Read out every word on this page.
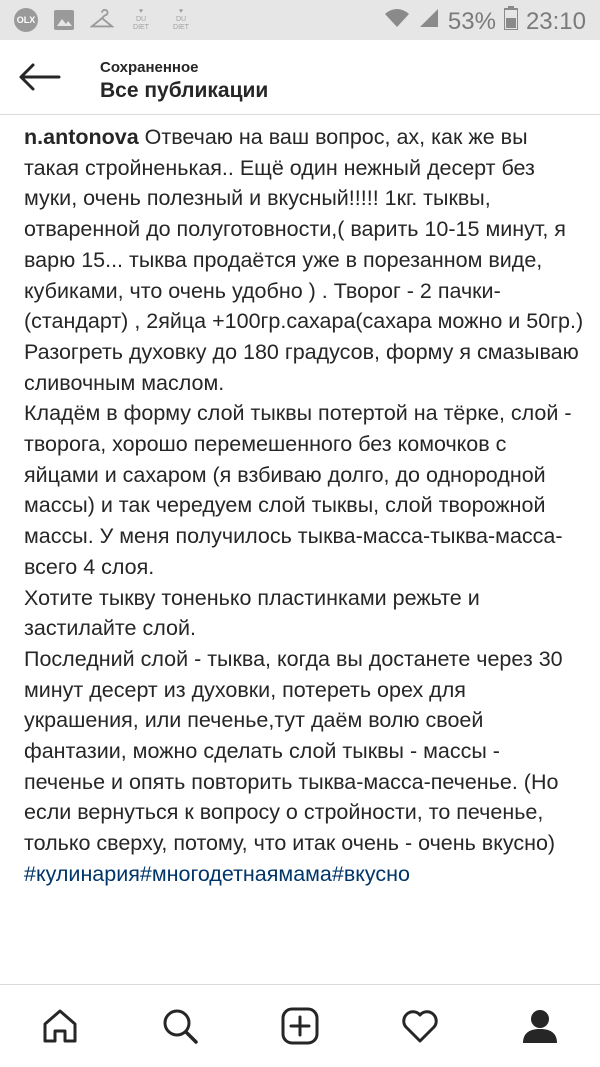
OLX
♥
DU DIET
♥
DU DIET	53% 23:10
Сохраненное
Все публикации

n.antonova Отвечаю на ваш вопрос, ах, как же вы такая стройненькая.. Ещё один нежный десерт без муки, очень полезный и вкусный!!!!! 1кг. тыквы, отваренной до полуготовности,( варить 10-15 минут, я варю 15... тыква продаётся уже в порезанном виде, кубиками, что очень удобно ) . Творог - 2 пачки-(стандарт) , 2яйца +100гр.сахара(сахара можно и 50гр.)
Разогреть духовку до 180 градусов, форму я смазываю сливочным маслом.
Кладём в форму слой тыквы потертой на тёрке, слой - творога, хорошо перемешенного без комочков с яйцами и сахаром (я взбиваю долго, до однородной массы) и так чередуем слой тыквы, слой творожной массы. У меня получилось тыква-масса-тыква-масса-всего 4 слоя.
Хотите тыкву тоненько пластинками режьте и застилайте слой.
Последний слой - тыква, когда вы достанете через 30 минут десерт из духовки, потереть орех для украшения, или печенье,тут даём волю своей фантазии, можно сделать слой тыквы - массы - печенье и опять повторить тыква-масса-печенье. (Но если вернуться к вопросу о стройности, то печенье, только сверху, потому, что итак очень - очень вкусно)
#кулинария#многодетнаямама#вкусно
